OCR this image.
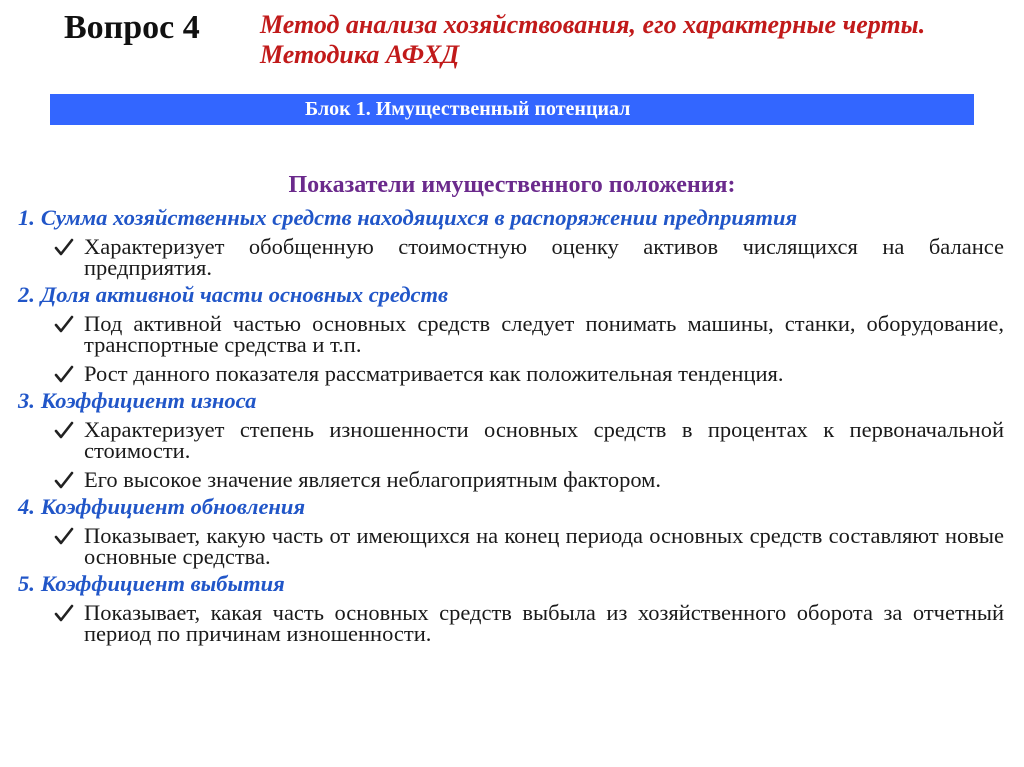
Вопрос 4 Метод анализа хозяйствования, его характерные черты. Методика АФХД
Блок 1. Имущественный потенциал
Показатели имущественного положения:
1. Сумма хозяйственных средств находящихся в распоряжении предприятия
Характеризует обобщенную стоимостную оценку активов числящихся на балансе предприятия.
2. Доля активной части основных средств
Под активной частью основных средств следует понимать машины, станки, оборудование, транспортные средства и т.п.
Рост данного показателя рассматривается как положительная тенденция.
3. Коэффициент износа
Характеризует степень изношенности основных средств в процентах к первоначальной стоимости.
Его высокое значение является неблагоприятным фактором.
4. Коэффициент обновления
Показывает, какую часть от имеющихся на конец периода основных средств составляют новые основные средства.
5. Коэффициент выбытия
Показывает, какая часть основных средств выбыла из хозяйственного оборота за отчетный период по причинам изношенности.
